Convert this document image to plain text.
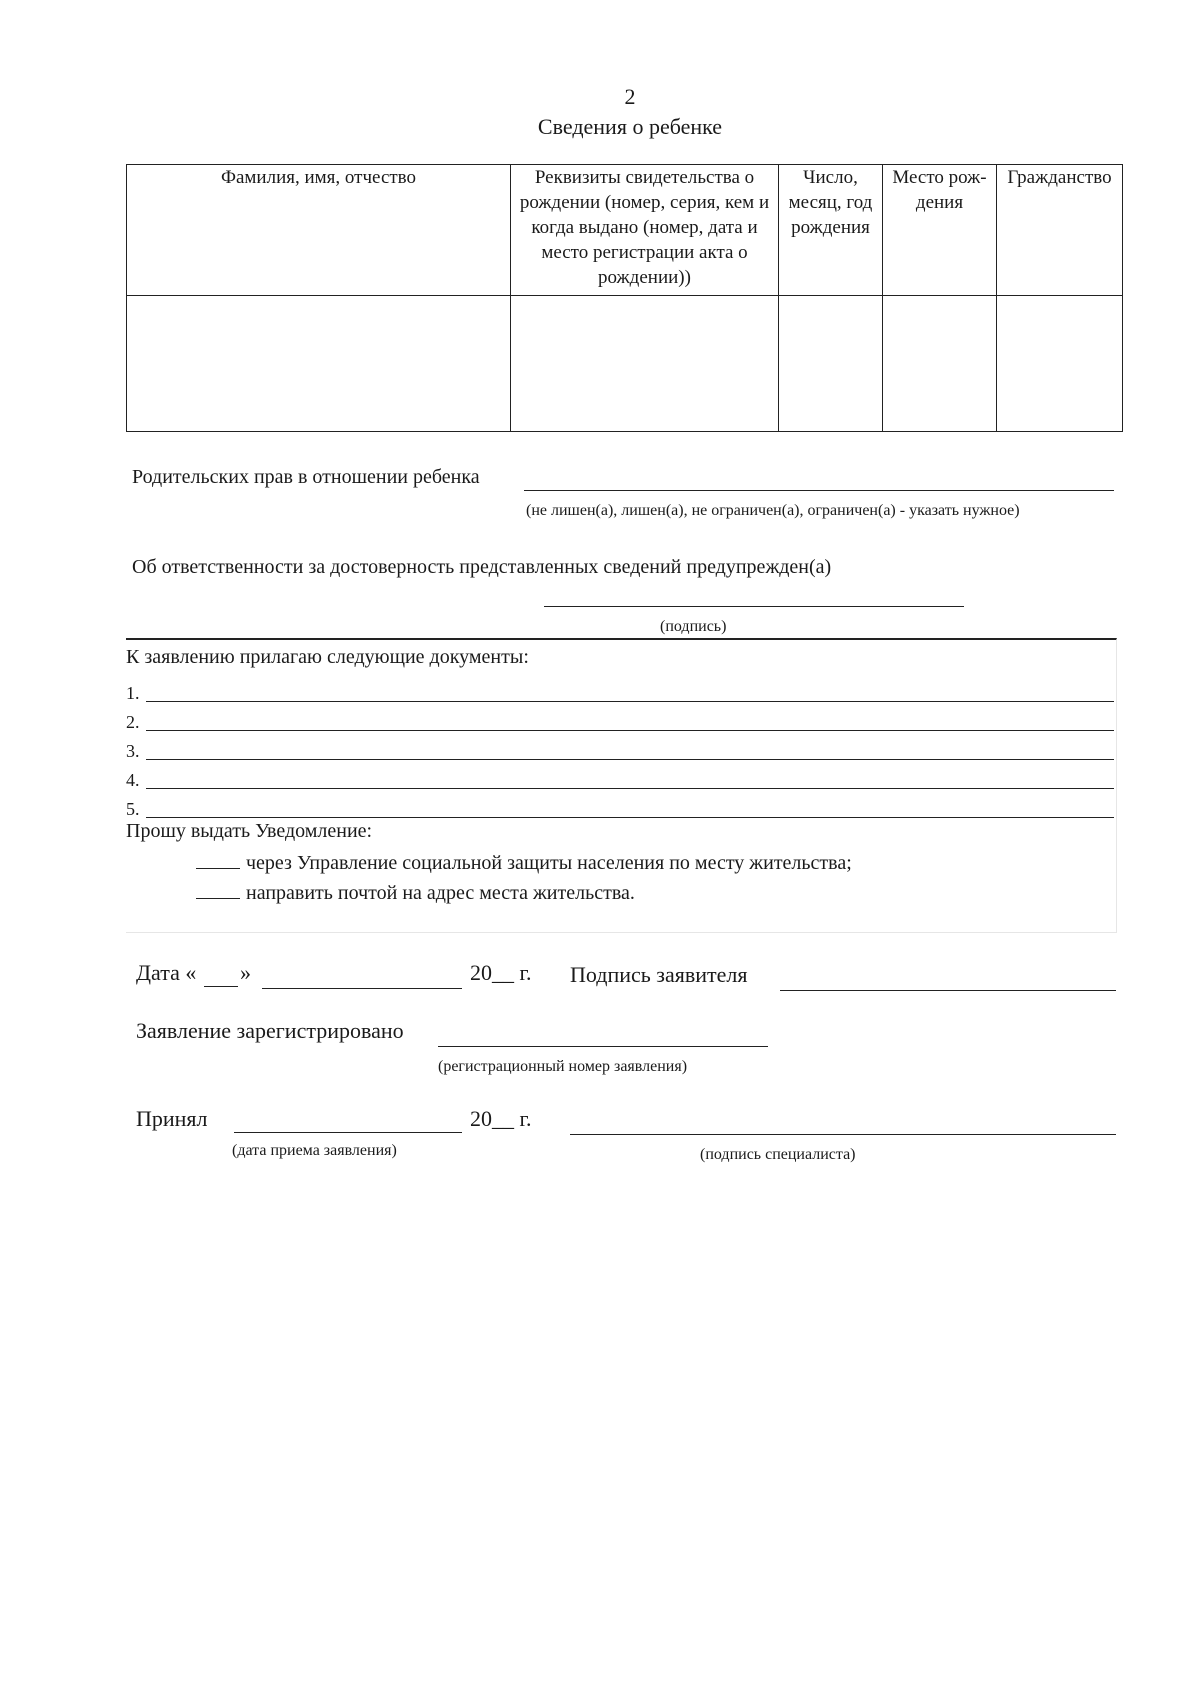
2
Сведения о ребенке
Фамилия, имя, отчество	Реквизиты свидетельства о рождении (номер, серия, кем и когда выдано (номер, дата и место регистрации акта о рождении))	Число, месяц, год рождения	Место рож-дения	Гражданство

Родительских прав в отношении ребенка
(не лишен(а), лишен(а), не ограничен(а), ограничен(а) - указать нужное)
Об ответственности за достоверность представленных сведений предупрежден(а)
(подпись)
К заявлению прилагаю следующие документы:
1.
2.
3.
4.
5.
Прошу выдать Уведомление:
через Управление социальной защиты населения по месту жительства;
направить почтой на адрес места жительства.
Дата « »	20__ г. Подпись заявителя
Заявление зарегистрировано
(регистрационный номер заявления)
Принял	20__ г.
(дата приема заявления)	(подпись специалиста)
